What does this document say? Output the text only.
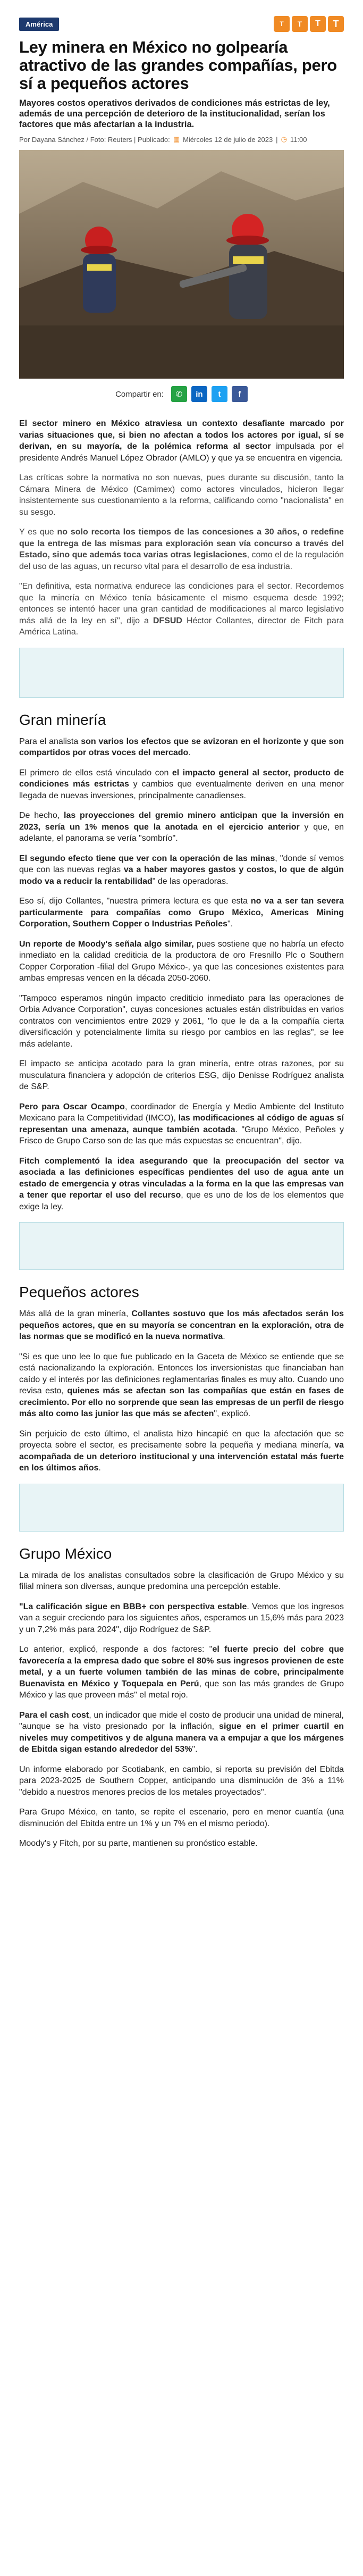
América	T	T	T	T
Ley minera en México no golpearía atractivo de las grandes compañías, pero sí a pequeños actores
Mayores costos operativos derivados de condiciones más estrictas de ley, además de una percepción de deterioro de la institucionalidad, serían los factores que más afectarían a la industria.
Por Dayana Sánchez / Foto: Reuters | Publicado: ▦ Miércoles 12 de julio de 2023 | ◷ 11:00
Compartir en: ✆ in t f

El sector minero en México atraviesa un contexto desafiante marcado por varias situaciones que, si bien no afectan a todos los actores por igual, sí se derivan, en su mayoría, de la polémica reforma al sector impulsada por el presidente Andrés Manuel López Obrador (AMLO) y que ya se encuentra en vigencia.

Las críticas sobre la normativa no son nuevas, pues durante su discusión, tanto la Cámara Minera de México (Camimex) como actores vinculados, hicieron llegar insistentemente sus cuestionamiento a la reforma, calificando como "nacionalista" en su sesgo.

Y es que no solo recorta los tiempos de las concesiones a 30 años, o redefine que la entrega de las mismas para exploración sean vía concurso a través del Estado, sino que además toca varias otras legislaciones, como el de la regulación del uso de las aguas, un recurso vital para el desarrollo de esa industria.

"En definitiva, esta normativa endurece las condiciones para el sector. Recordemos que la minería en México tenía básicamente el mismo esquema desde 1992; entonces se intentó hacer una gran cantidad de modificaciones al marco legislativo más allá de la ley en sí", dijo a DFSUD Héctor Collantes, director de Fitch para América Latina.

Gran minería

Para el analista son varios los efectos que se avizoran en el horizonte y que son compartidos por otras voces del mercado.

El primero de ellos está vinculado con el impacto general al sector, producto de condiciones más estrictas y cambios que eventualmente deriven en una menor llegada de nuevas inversiones, principalmente canadienses.

De hecho, las proyecciones del gremio minero anticipan que la inversión en 2023, sería un 1% menos que la anotada en el ejercicio anterior y que, en adelante, el panorama se vería "sombrío".

El segundo efecto tiene que ver con la operación de las minas, "donde sí vemos que con las nuevas reglas va a haber mayores gastos y costos, lo que de algún modo va a reducir la rentabilidad" de las operadoras.

Eso sí, dijo Collantes, "nuestra primera lectura es que esta no va a ser tan severa particularmente para compañías como Grupo México, Americas Mining Corporation, Southern Copper o Industrias Peñoles".

Un reporte de Moody's señala algo similar, pues sostiene que no habría un efecto inmediato en la calidad crediticia de la productora de oro Fresnillo Plc o Southern Copper Corporation -filial del Grupo México-, ya que las concesiones existentes para ambas empresas vencen en la década 2050-2060.

"Tampoco esperamos ningún impacto crediticio inmediato para las operaciones de Orbia Advance Corporation", cuyas concesiones actuales están distribuidas en varios contratos con vencimientos entre 2029 y 2061, "lo que le da a la compañía cierta diversificación y potencialmente limita su riesgo por cambios en las reglas", se lee más adelante.

El impacto se anticipa acotado para la gran minería, entre otras razones, por su musculatura financiera y adopción de criterios ESG, dijo Denisse Rodríguez analista de S&P.

Pero para Oscar Ocampo, coordinador de Energía y Medio Ambiente del Instituto Mexicano para la Competitividad (IMCO), las modificaciones al código de aguas sí representan una amenaza, aunque también acotada. "Grupo México, Peñoles y Frisco de Grupo Carso son de las que más expuestas se encuentran", dijo.

Fitch complementó la idea asegurando que la preocupación del sector va asociada a las definiciones específicas pendientes del uso de agua ante un estado de emergencia y otras vinculadas a la forma en la que las empresas van a tener que reportar el uso del recurso, que es uno de los de los elementos que exige la ley.

Pequeños actores

Más allá de la gran minería, Collantes sostuvo que los más afectados serán los pequeños actores, que en su mayoría se concentran en la exploración, otra de las normas que se modificó en la nueva normativa.

"Si es que uno lee lo que fue publicado en la Gaceta de México se entiende que se está nacionalizando la exploración. Entonces los inversionistas que financiaban han caído y el interés por las definiciones reglamentarias finales es muy alto. Cuando uno revisa esto, quienes más se afectan son las compañías que están en fases de crecimiento. Por ello no sorprende que sean las empresas de un perfil de riesgo más alto como las junior las que más se afecten", explicó.

Sin perjuicio de esto último, el analista hizo hincapié en que la afectación que se proyecta sobre el sector, es precisamente sobre la pequeña y mediana minería, va acompañada de un deterioro institucional y una intervención estatal más fuerte en los últimos años.

Grupo México

La mirada de los analistas consultados sobre la clasificación de Grupo México y su filial minera son diversas, aunque predomina una percepción estable.

"La calificación sigue en BBB+ con perspectiva estable. Vemos que los ingresos van a seguir creciendo para los siguientes años, esperamos un 15,6% más para 2023 y un 7,2% más para 2024", dijo Rodríguez de S&P.

Lo anterior, explicó, responde a dos factores: "el fuerte precio del cobre que favorecería a la empresa dado que sobre el 80% sus ingresos provienen de este metal, y a un fuerte volumen también de las minas de cobre, principalmente Buenavista en México y Toquepala en Perú, que son las más grandes de Grupo México y las que proveen más" el metal rojo.

Para el cash cost, un indicador que mide el costo de producir una unidad de mineral, "aunque se ha visto presionado por la inflación, sigue en el primer cuartil en niveles muy competitivos y de alguna manera va a empujar a que los márgenes de Ebitda sigan estando alrededor del 53%".

Un informe elaborado por Scotiabank, en cambio, si reporta su previsión del Ebitda para 2023-2025 de Southern Copper, anticipando una disminución de 3% a 11% "debido a nuestros menores precios de los metales proyectados".

Para Grupo México, en tanto, se repite el escenario, pero en menor cuantía (una disminución del Ebitda entre un 1% y un 7% en el mismo periodo).

Moody's y Fitch, por su parte, mantienen su pronóstico estable.
